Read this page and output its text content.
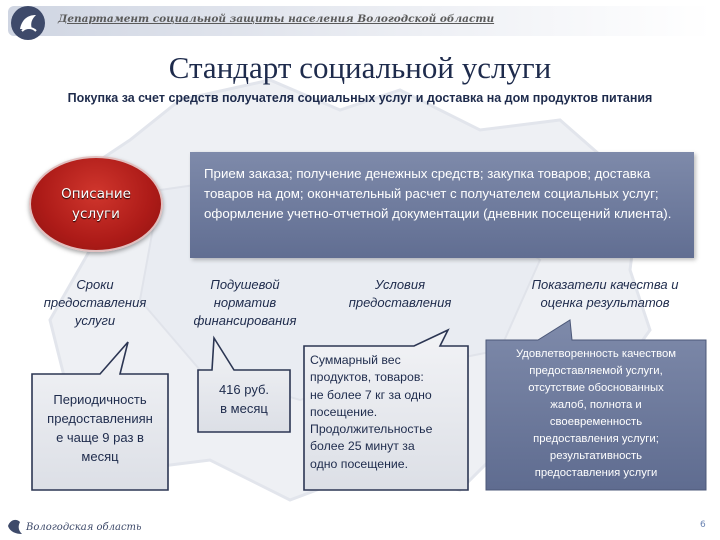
Департамент социальной защиты населения Вологодской области
Стандарт социальной услуги
Покупка за счет средств получателя социальных услуг и доставка на дом продуктов питания
Описание
услуги
Прием заказа; получение денежных средств; закупка товаров; доставка товаров на дом; окончательный расчет с получателем социальных услуг; оформление учетно-отчетной документации (дневник посещений клиента).
Сроки
предоставления
услуги
Подушевой
норматив
финансирования
Условия
предоставления
Показатели качества и
оценка результатов
Периодичность
предоставлениян
е чаще 9 раз в
месяц
416 руб.
в месяц
Суммарный вес
продуктов, товаров:
не более 7 кг за одно
посещение.
Продолжительностье
более 25 минут за
одно посещение.
Удовлетворенность качеством
предоставляемой услуги,
отсутствие обоснованных
жалоб, полнота и
своевременность
предоставления услуги;
результативность
предоставления услуги
Вологодская область	6
